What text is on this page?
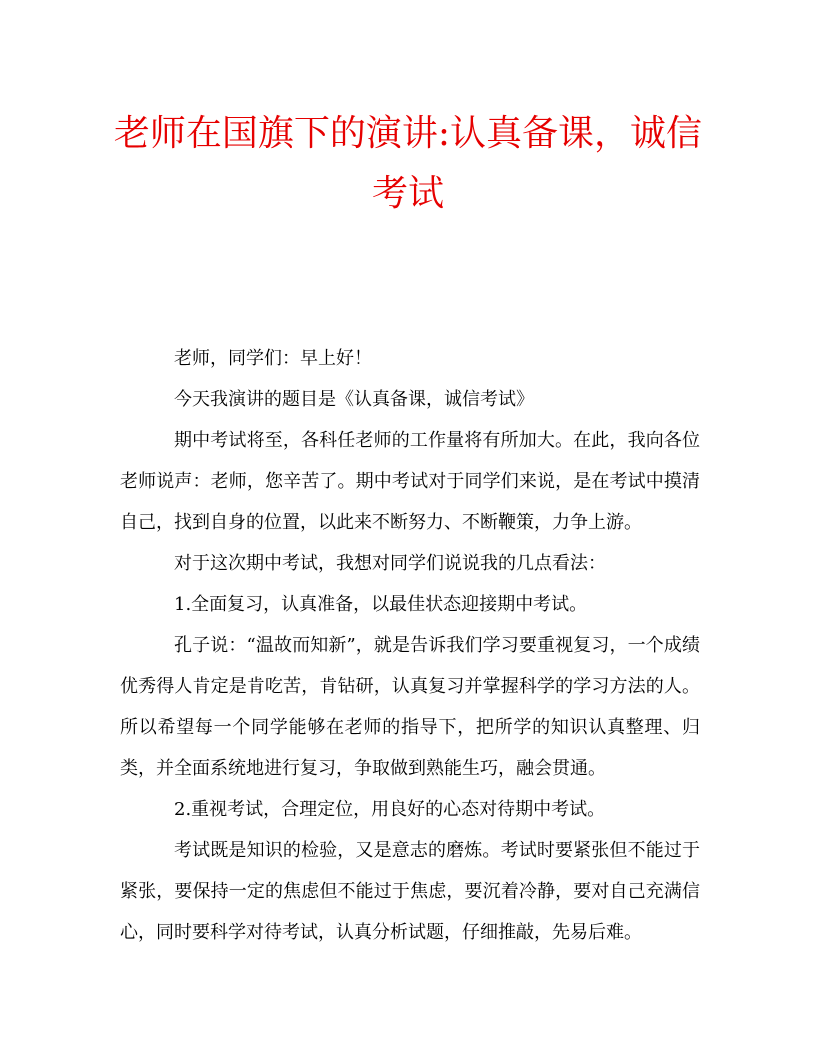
老师在国旗下的演讲:认真备课，诚信
考试

老师，同学们：早上好！

今天我演讲的题目是《认真备课，诚信考试》

期中考试将至，各科任老师的工作量将有所加大。在此，我向各位老师说声：老师，您辛苦了。期中考试对于同学们来说，是在考试中摸清自己，找到自身的位置，以此来不断努力、不断鞭策，力争上游。

对于这次期中考试，我想对同学们说说我的几点看法：

1.全面复习，认真准备，以最佳状态迎接期中考试。

孔子说：“温故而知新”，就是告诉我们学习要重视复习，一个成绩优秀得人肯定是肯吃苦，肯钻研，认真复习并掌握科学的学习方法的人。所以希望每一个同学能够在老师的指导下，把所学的知识认真整理、归类，并全面系统地进行复习，争取做到熟能生巧，融会贯通。

2.重视考试，合理定位，用良好的心态对待期中考试。

考试既是知识的检验，又是意志的磨炼。考试时要紧张但不能过于紧张，要保持一定的焦虑但不能过于焦虑，要沉着冷静，要对自己充满信心，同时要科学对待考试，认真分析试题，仔细推敲，先易后难。
